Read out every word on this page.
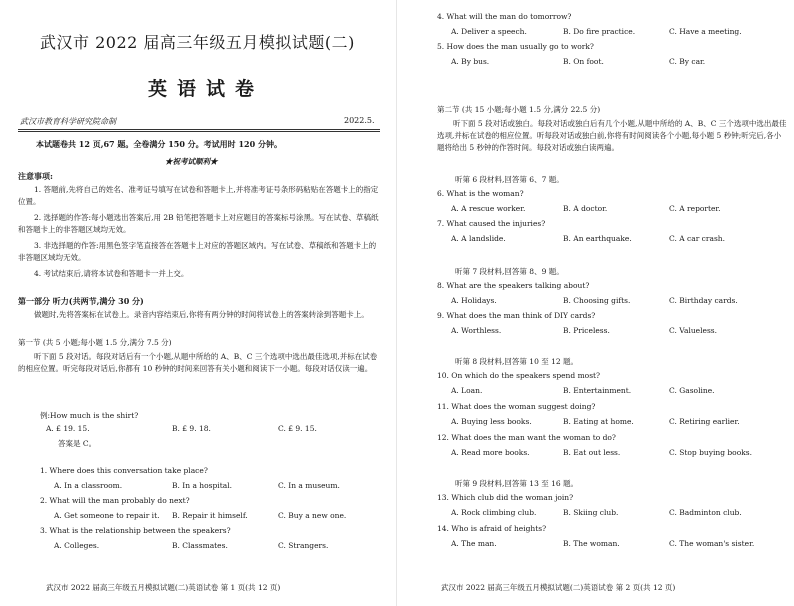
武汉市 2022 届高三年级五月模拟试题(二)
英语试卷
武汉市教育科学研究院命制	2022.5.
本试题卷共 12 页,67 题。全卷满分 150 分。考试用时 120 分钟。
★祝考试顺利★
注意事项:
1. 答题前,先将自己的姓名、准考证号填写在试卷和答题卡上,并将准考证号条形码粘贴在答题卡上的指定位置。
2. 选择题的作答:每小题选出答案后,用 2B 铅笔把答题卡上对应题目的答案标号涂黑。写在试卷、草稿纸和答题卡上的非答题区域均无效。
3. 非选择题的作答:用黑色签字笔直接答在答题卡上对应的答题区域内。写在试卷、草稿纸和答题卡上的非答题区域均无效。
4. 考试结束后,请将本试卷和答题卡一并上交。
第一部分 听力(共两节,满分 30 分)
做题时,先将答案标在试卷上。录音内容结束后,你将有两分钟的时间将试卷上的答案转涂到答题卡上。
第一节 (共 5 小题;每小题 1.5 分,满分 7.5 分)
听下面 5 段对话。每段对话后有一个小题,从题中所给的 A、B、C 三个选项中选出最佳选项,并标在试卷的相应位置。听完每段对话后,你都有 10 秒钟的时间来回答有关小题和阅读下一小题。每段对话仅读一遍。
例:How much is the shirt?
A. £ 19. 15.	B. £ 9. 18.	C. £ 9. 15.
答案是 C。
1. Where does this conversation take place?
A. In a classroom.	B. In a hospital.	C. In a museum.
2. What will the man probably do next?
A. Get someone to repair it. B. Repair it himself.	C. Buy a new one.
3. What is the relationship between the speakers?
A. Colleges.	B. Classmates.	C. Strangers.
武汉市 2022 届高三年级五月模拟试题(二)英语试卷 第 1 页(共 12 页)
4. What will the man do tomorrow?
A. Deliver a speech.	B. Do fire practice.	C. Have a meeting.
5. How does the man usually go to work?
A. By bus.	B. On foot.	C. By car.
第二节 (共 15 小题;每小题 1.5 分,满分 22.5 分)
听下面 5 段对话或独白。每段对话或独白后有几个小题,从题中所给的 A、B、C 三个选项中选出最佳选项,并标在试卷的相应位置。听每段对话或独白前,你将有时间阅读各个小题,每小题 5 秒钟;听完后,各小题将给出 5 秒钟的作答时间。每段对话或独白读两遍。
听第 6 段材料,回答第 6、7 题。
6. What is the woman?
A. A rescue worker.	B. A doctor.	C. A reporter.
7. What caused the injuries?
A. A landslide.	B. An earthquake.	C. A car crash.
听第 7 段材料,回答第 8、9 题。
8. What are the speakers talking about?
A. Holidays.	B. Choosing gifts.	C. Birthday cards.
9. What does the man think of DIY cards?
A. Worthless.	B. Priceless.	C. Valueless.
听第 8 段材料,回答第 10 至 12 题。
10. On which do the speakers spend most?
A. Loan.	B. Entertainment.	C. Gasoline.
11. What does the woman suggest doing?
A. Buying less books.	B. Eating at home.	C. Retiring earlier.
12. What does the man want the woman to do?
A. Read more books.	B. Eat out less.	C. Stop buying books.
听第 9 段材料,回答第 13 至 16 题。
13. Which club did the woman join?
A. Rock climbing club.	B. Skiing club.	C. Badminton club.
14. Who is afraid of heights?
A. The man.	B. The woman.	C. The woman's sister.
武汉市 2022 届高三年级五月模拟试题(二)英语试卷 第 2 页(共 12 页)
